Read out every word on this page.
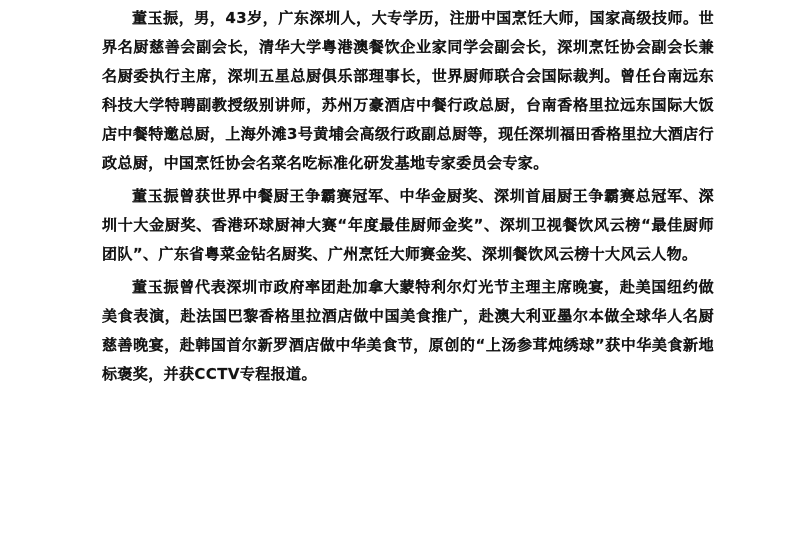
董玉振，男，43岁，广东深圳人，大专学历，注册中国烹饪大师，国家高级技师。世界名厨慈善会副会长，清华大学粤港澳餐饮企业家同学会副会长，深圳烹饪协会副会长兼名厨委执行主席，深圳五星总厨俱乐部理事长，世界厨师联合会国际裁判。曾任台南远东科技大学特聘副教授级别讲师，苏州万豪酒店中餐行政总厨，台南香格里拉远东国际大饭店中餐特邀总厨，上海外滩3号黄埔会高级行政副总厨等，现任深圳福田香格里拉大酒店行政总厨，中国烹饪协会名菜名吃标准化研发基地专家委员会专家。

董玉振曾获世界中餐厨王争霸赛冠军、中华金厨奖、深圳首届厨王争霸赛总冠军、深圳十大金厨奖、香港环球厨神大赛“年度最佳厨师金奖”、深圳卫视餐饮风云榜“最佳厨师团队”、广东省粤菜金钻名厨奖、广州烹饪大师赛金奖、深圳餐饮风云榜十大风云人物。

董玉振曾代表深圳市政府率团赴加拿大蒙特利尔灯光节主理主席晚宴，赴美国纽约做美食表演，赴法国巴黎香格里拉酒店做中国美食推广，赴澳大利亚墨尔本做全球华人名厨慈善晚宴，赴韩国首尔新罗酒店做中华美食节，原创的“上汤参茸炖绣球”获中华美食新地标褒奖，并获CCTV专程报道。
